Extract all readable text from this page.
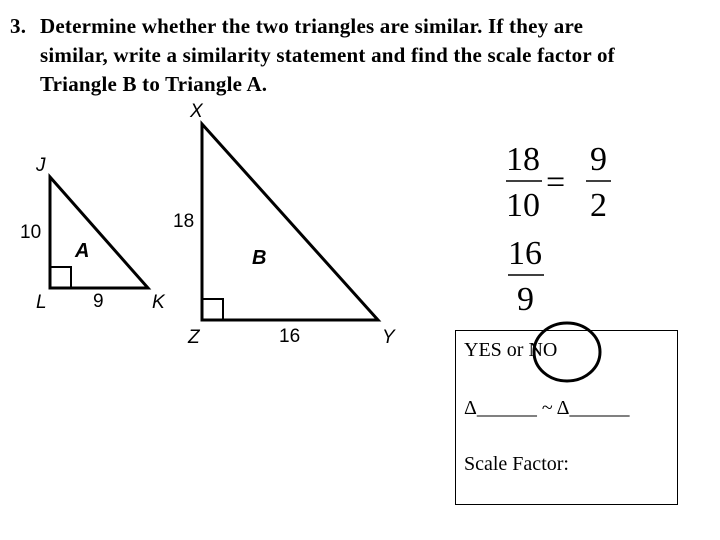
3. Determine whether the two triangles are similar. If they are
similar, write a similarity statement and find the scale factor of
Triangle B to Triangle A.

J
L	K
10
9
A
X
Z	Y
18
16
B
18
10
=
9
2
16
9
YES or NO
Δ______ ~ Δ______
Scale Factor:
